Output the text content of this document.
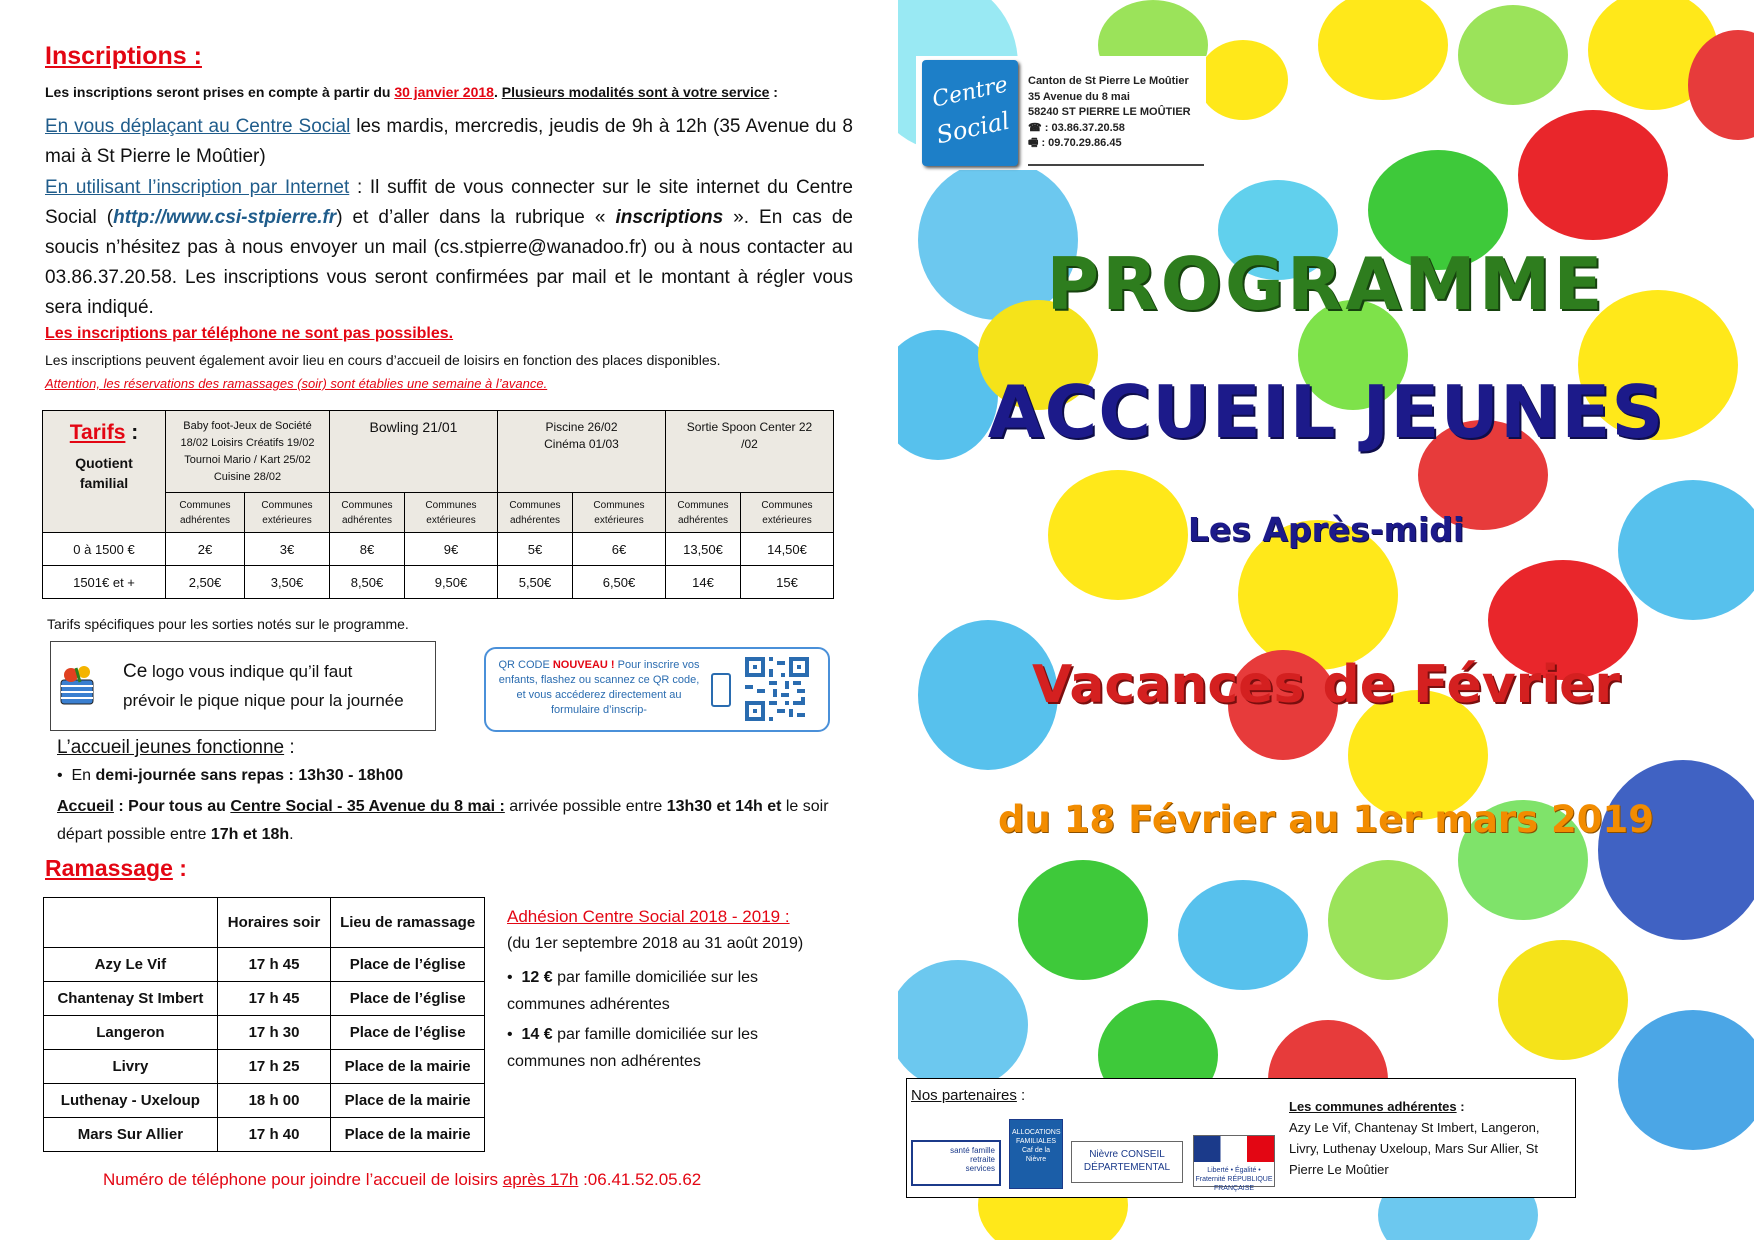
Inscriptions :
Les inscriptions seront prises en compte à partir du 30 janvier 2018. Plusieurs modalités sont à votre service :
En vous déplaçant au Centre Social les mardis, mercredis, jeudis de 9h à 12h (35 Avenue du 8 mai à St Pierre le Moûtier)
En utilisant l’inscription par Internet : Il suffit de vous connecter sur le site internet du Centre Social (http://www.csi-stpierre.fr) et d’aller dans la rubrique « inscriptions ». En cas de soucis n’hésitez pas à nous envoyer un mail (cs.stpierre@wanadoo.fr) ou à nous contacter au 03.86.37.20.58. Les inscriptions vous seront confirmées par mail et le montant à régler vous sera indiqué.
Les inscriptions par téléphone ne sont pas possibles.
Les inscriptions peuvent également avoir lieu en cours d’accueil de loisirs en fonction des places disponibles.
Attention, les réservations des ramassages (soir) sont établies une semaine à l’avance.
Tarifs :
Quotient familial	Baby foot-Jeux de Société 18/02 Loisirs Créatifs 19/02 Tournoi Mario / Kart 25/02 Cuisine 28/02		Bowling 21/01		Piscine 26/02 Cinéma 01/03		Sortie Spoon Center 22 /02	
	Communes adhérentes	Communes extérieures	Communes adhérentes	Communes extérieures	Communes adhérentes	Communes extérieures	Communes adhérentes	Communes extérieures
0 à 1500 €	2€	3€	8€	9€	5€	6€	13,50€	14,50€
1501€ et +	2,50€	3,50€	8,50€	9,50€	5,50€	6,50€	14€	15€
Tarifs spécifiques pour les sorties notés sur le programme.
Ce logo vous indique qu’il faut
prévoir le pique nique pour la journée
QR CODE NOUVEAU ! Pour inscrire vos enfants, flashez ou scannez ce QR code, et vous accéderez directement au formulaire d’inscrip-
L’accueil jeunes fonctionne :
•  En demi-journée sans repas : 13h30 - 18h00
Accueil : Pour tous au Centre Social - 35 Avenue du 8 mai : arrivée possible entre 13h30 et 14h et le soir départ possible entre 17h et 18h.
Ramassage :
	Horaires soir	Lieu de ramassage
Azy Le Vif	17 h 45	Place de l’église
Chantenay St Imbert	17 h 45	Place de l’église
Langeron	17 h 30	Place de l’église
Livry	17 h 25	Place de la mairie
Luthenay - Uxeloup	18 h 00	Place de la mairie
Mars Sur Allier	17 h 40	Place de la mairie
Numéro de téléphone pour joindre l’accueil de loisirs après 17h :06.41.52.05.62
Adhésion Centre Social 2018 - 2019 :
(du 1er septembre 2018 au 31 août 2019)
•  12 € par famille domiciliée sur les communes adhérentes
•  14 € par famille domiciliée sur les communes non adhérentes
Centre
Social
Canton de St Pierre Le Moûtier
35 Avenue du 8 mai
58240 ST PIERRE LE MOÛTIER
☎ : 03.86.37.20.58
🖷 : 09.70.29.86.45
PROGRAMME
ACCUEIL JEUNES
Les Après-midi
Vacances de Février
du 18 Février au 1er mars 2019
Nos partenaires :
santé famille retraite services
ALLOCATIONS FAMILIALES Caf de la Nièvre	Nièvre CONSEIL DÉPARTEMENTAL	Liberté • Égalité • Fraternité RÉPUBLIQUE FRANÇAISE
Les communes adhérentes :
Azy Le Vif, Chantenay St Imbert, Langeron, Livry, Luthenay Uxeloup, Mars Sur Allier, St Pierre Le Moûtier
